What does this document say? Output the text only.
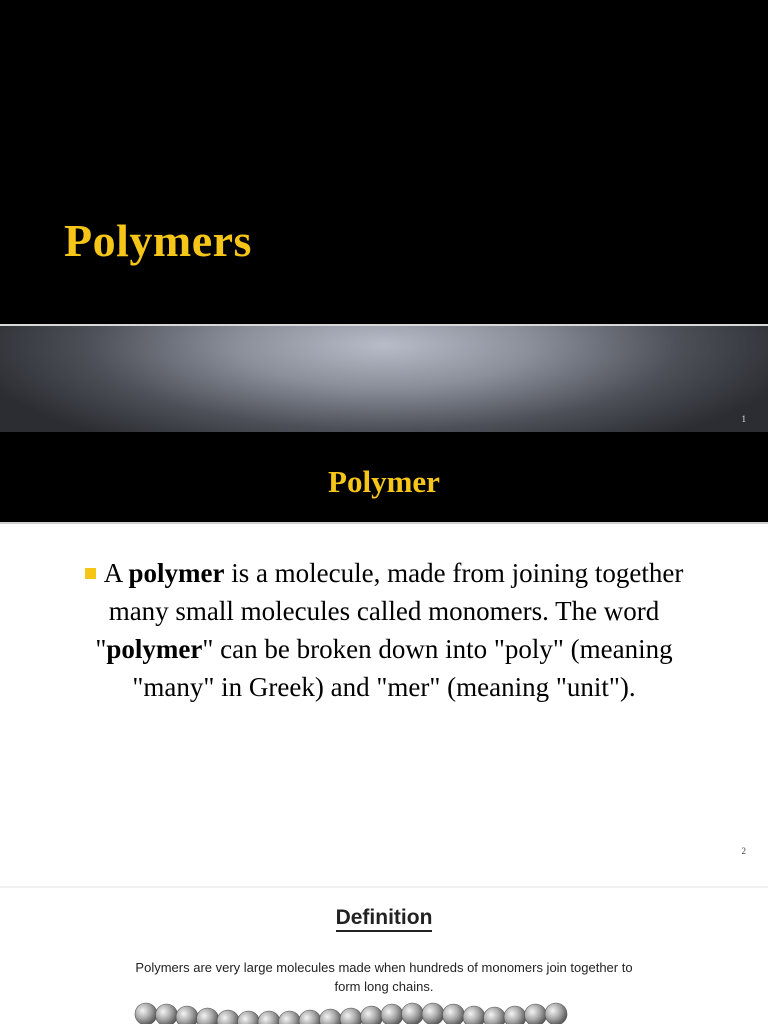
Polymers
1
Polymer
A polymer is a molecule, made from joining together many small molecules called monomers. The word "polymer" can be broken down into "poly" (meaning "many" in Greek) and "mer" (meaning "unit").
2
Definition
Polymers are very large molecules made when hundreds of monomers join together to form long chains.
